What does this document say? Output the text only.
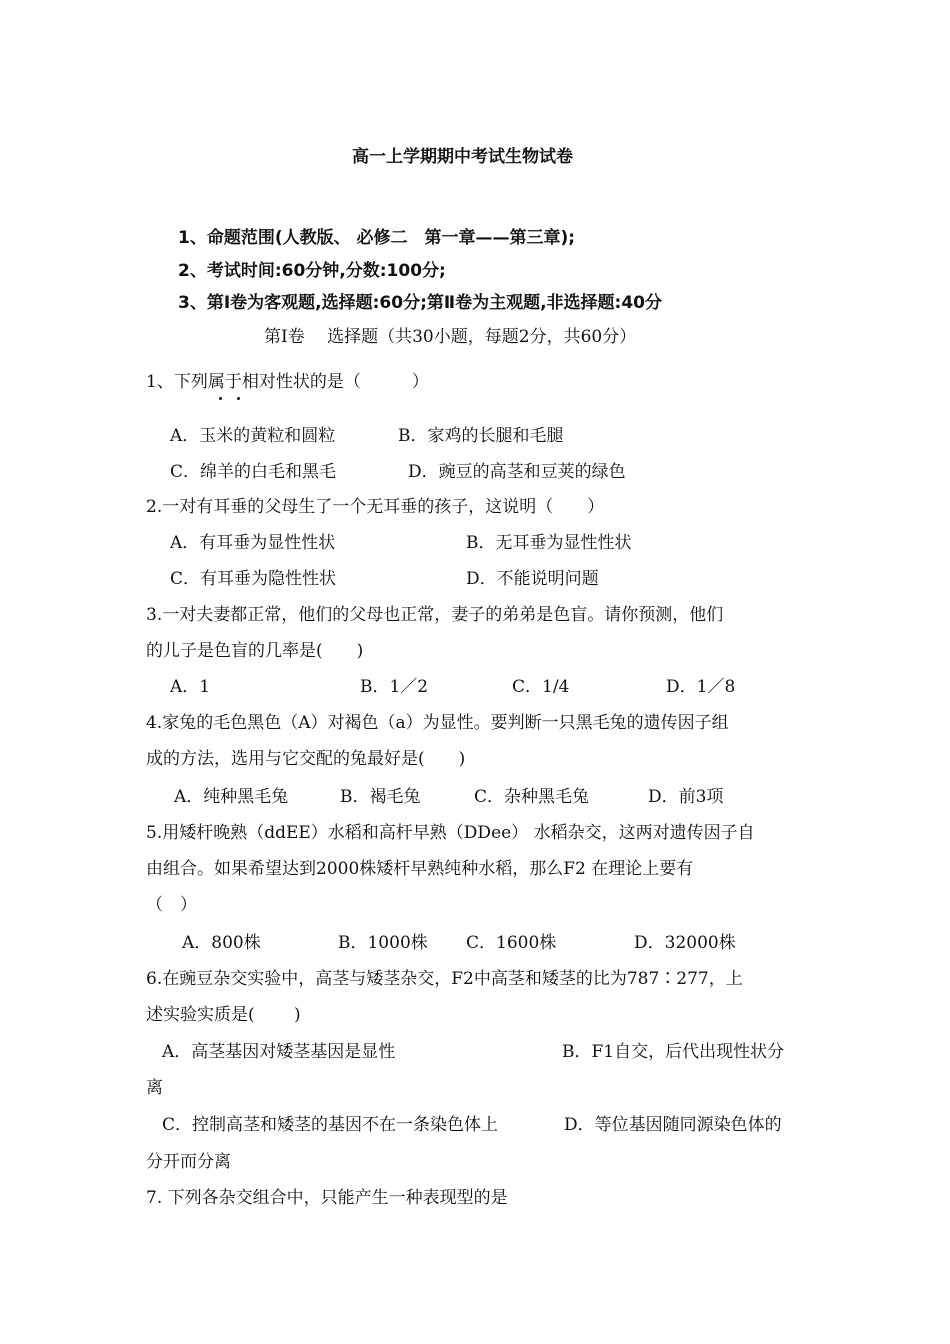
高一上学期期中考试生物试卷
1、命题范围(人教版、 必修二　第一章——第三章);
2、考试时间:60分钟,分数:100分;
3、第Ⅰ卷为客观题,选择题:60分;第Ⅱ卷为主观题,非选择题:40分
第Ⅰ卷　 选择题（共30小题，每题2分，共60分）
1、下列属于相对性状的是（　　　）
A．玉米的黄粒和圆粒	B．家鸡的长腿和毛腿
C．绵羊的白毛和黑毛	D．豌豆的高茎和豆荚的绿色
2.一对有耳垂的父母生了一个无耳垂的孩子，这说明（　　）
A．有耳垂为显性性状	B．无耳垂为显性性状
C．有耳垂为隐性性状	D．不能说明问题
3.一对夫妻都正常，他们的父母也正常，妻子的弟弟是色盲。请你预测，他们
的儿子是色盲的几率是(　　)
A．1	B．1／2	C．1/4	D．1／8
4.家兔的毛色黑色（A）对褐色（a）为显性。要判断一只黑毛兔的遗传因子组
成的方法，选用与它交配的兔最好是(　　)
A．纯种黑毛兔	B．褐毛兔	C．杂种黑毛兔	D．前3项
5.用矮杆晚熟（ddEE）水稻和高杆早熟（DDee） 水稻杂交，这两对遗传因子自
由组合。如果希望达到2000株矮杆早熟纯种水稻，那么F2 在理论上要有
（　）
A．800株	B．1000株 C．1600株	D．32000株
6.在豌豆杂交实验中，高茎与矮茎杂交，F2中高茎和矮茎的比为787∶277，上
述实验实质是(　　 )
A．高茎基因对矮茎基因是显性	B．F1自交，后代出现性状分
离
C．控制高茎和矮茎的基因不在一条染色体上	D．等位基因随同源染色体的
分开而分离
7. 下列各杂交组合中，只能产生一种表现型的是
